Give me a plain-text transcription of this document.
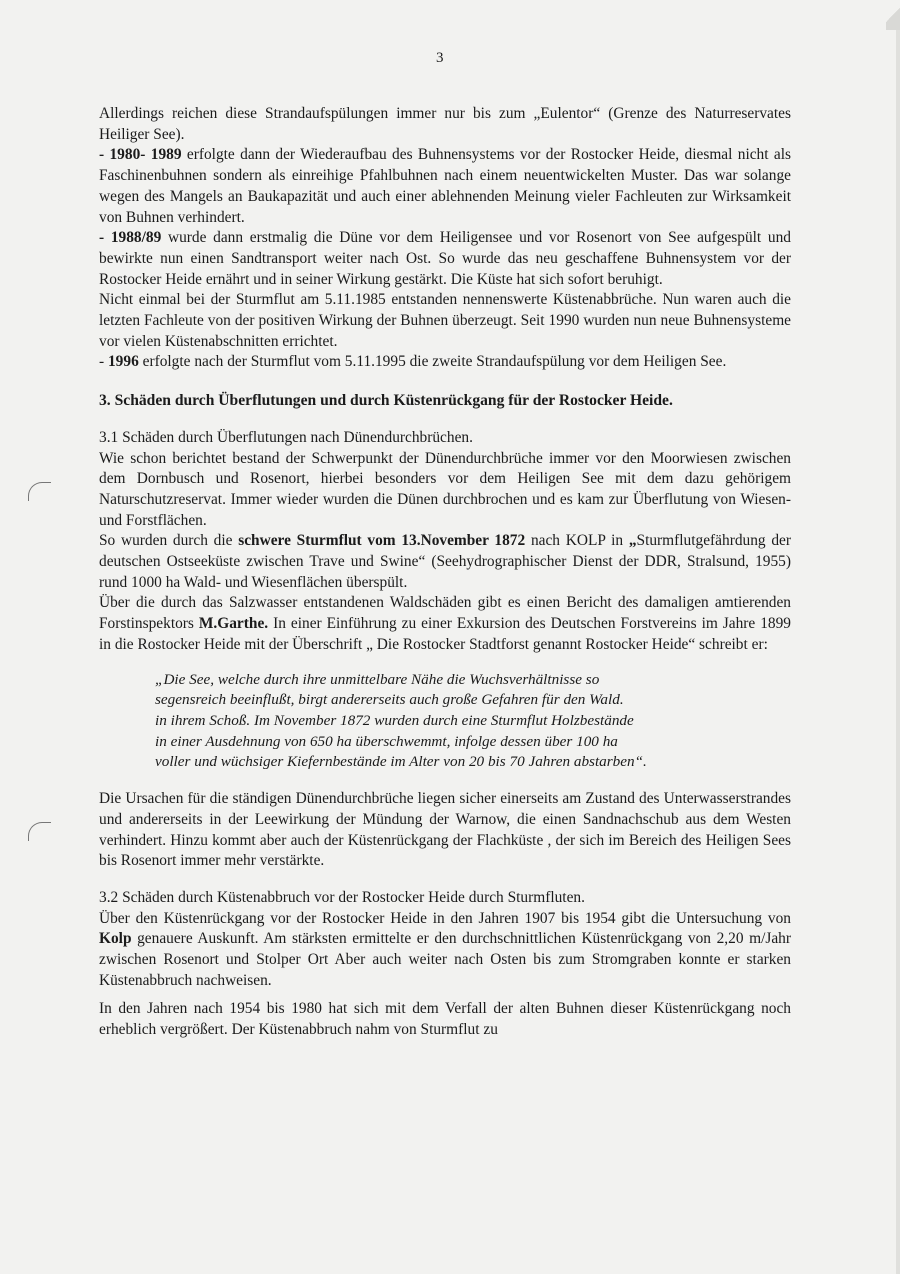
3

Allerdings reichen diese Strandaufspülungen immer nur bis zum „Eulentor“ (Grenze des Naturreservates Heiliger See).

- 1980- 1989 erfolgte dann der Wiederaufbau des Buhnensystems vor der Rostocker Heide, diesmal nicht als Faschinenbuhnen sondern als einreihige Pfahlbuhnen nach einem neuentwickelten Muster. Das war solange wegen des Mangels an Baukapazität und auch einer ablehnenden Meinung vieler Fachleuten zur Wirksamkeit von Buhnen verhindert.

- 1988/89 wurde dann erstmalig die Düne vor dem Heiligensee und vor Rosenort von See aufgespült und bewirkte nun einen Sandtransport weiter nach Ost. So wurde das neu geschaffene Buhnensystem vor der Rostocker Heide ernährt und in seiner Wirkung gestärkt. Die Küste hat sich sofort beruhigt.

Nicht einmal bei der Sturmflut am 5.11.1985 entstanden nennenswerte Küstenabbrüche. Nun waren auch die letzten Fachleute von der positiven Wirkung der Buhnen überzeugt. Seit 1990 wurden nun neue Buhnensysteme vor vielen Küstenabschnitten errichtet.

- 1996 erfolgte nach der Sturmflut vom 5.11.1995 die zweite Strandaufspülung vor dem Heiligen See.

3. Schäden durch Überflutungen und durch Küstenrückgang für der Rostocker Heide.

3.1 Schäden durch Überflutungen nach Dünendurchbrüchen.

Wie schon berichtet bestand der Schwerpunkt der Dünendurchbrüche immer vor den Moorwiesen zwischen dem Dornbusch und Rosenort, hierbei besonders vor dem Heiligen See mit dem dazu gehörigem Naturschutzreservat. Immer wieder wurden die Dünen durchbrochen und es kam zur Überflutung von Wiesen- und Forstflächen.

So wurden durch die schwere Sturmflut vom 13.November 1872 nach KOLP in „Sturmflutgefährdung der deutschen Ostseeküste zwischen Trave und Swine“ (Seehydrographischer Dienst der DDR, Stralsund, 1955) rund 1000 ha Wald- und Wiesenflächen überspült.

Über die durch das Salzwasser entstandenen Waldschäden gibt es einen Bericht des damaligen amtierenden Forstinspektors M.Garthe. In einer Einführung zu einer Exkursion des Deutschen Forstvereins im Jahre 1899 in die Rostocker Heide mit der Überschrift „ Die Rostocker Stadtforst genannt Rostocker Heide“ schreibt er:

„Die See, welche durch ihre unmittelbare Nähe die Wuchsverhältnisse so
segensreich beeinflußt, birgt andererseits auch große Gefahren für den Wald.
in ihrem Schoß. Im November 1872 wurden durch eine Sturmflut Holzbestände
in einer Ausdehnung von 650 ha überschwemmt, infolge dessen über 100 ha
voller und wüchsiger Kiefernbestände im Alter von 20 bis 70 Jahren abstarben“.

Die Ursachen für die ständigen Dünendurchbrüche liegen sicher einerseits am Zustand des Unterwasserstrandes und andererseits in der Leewirkung der Mündung der Warnow, die einen Sandnachschub aus dem Westen verhindert. Hinzu kommt aber auch der Küstenrückgang der Flachküste , der sich im Bereich des Heiligen Sees bis Rosenort immer mehr verstärkte.

3.2 Schäden durch Küstenabbruch vor der Rostocker Heide durch Sturmfluten.

Über den Küstenrückgang vor der Rostocker Heide in den Jahren 1907 bis 1954 gibt die Untersuchung von Kolp genauere Auskunft. Am stärksten ermittelte er den durchschnittlichen Küstenrückgang von 2,20 m/Jahr zwischen Rosenort und Stolper Ort Aber auch weiter nach Osten bis zum Stromgraben konnte er starken Küstenabbruch nachweisen.

In den Jahren nach 1954 bis 1980 hat sich mit dem Verfall der alten Buhnen dieser Küstenrückgang noch erheblich vergrößert. Der Küstenabbruch nahm von Sturmflut zu
